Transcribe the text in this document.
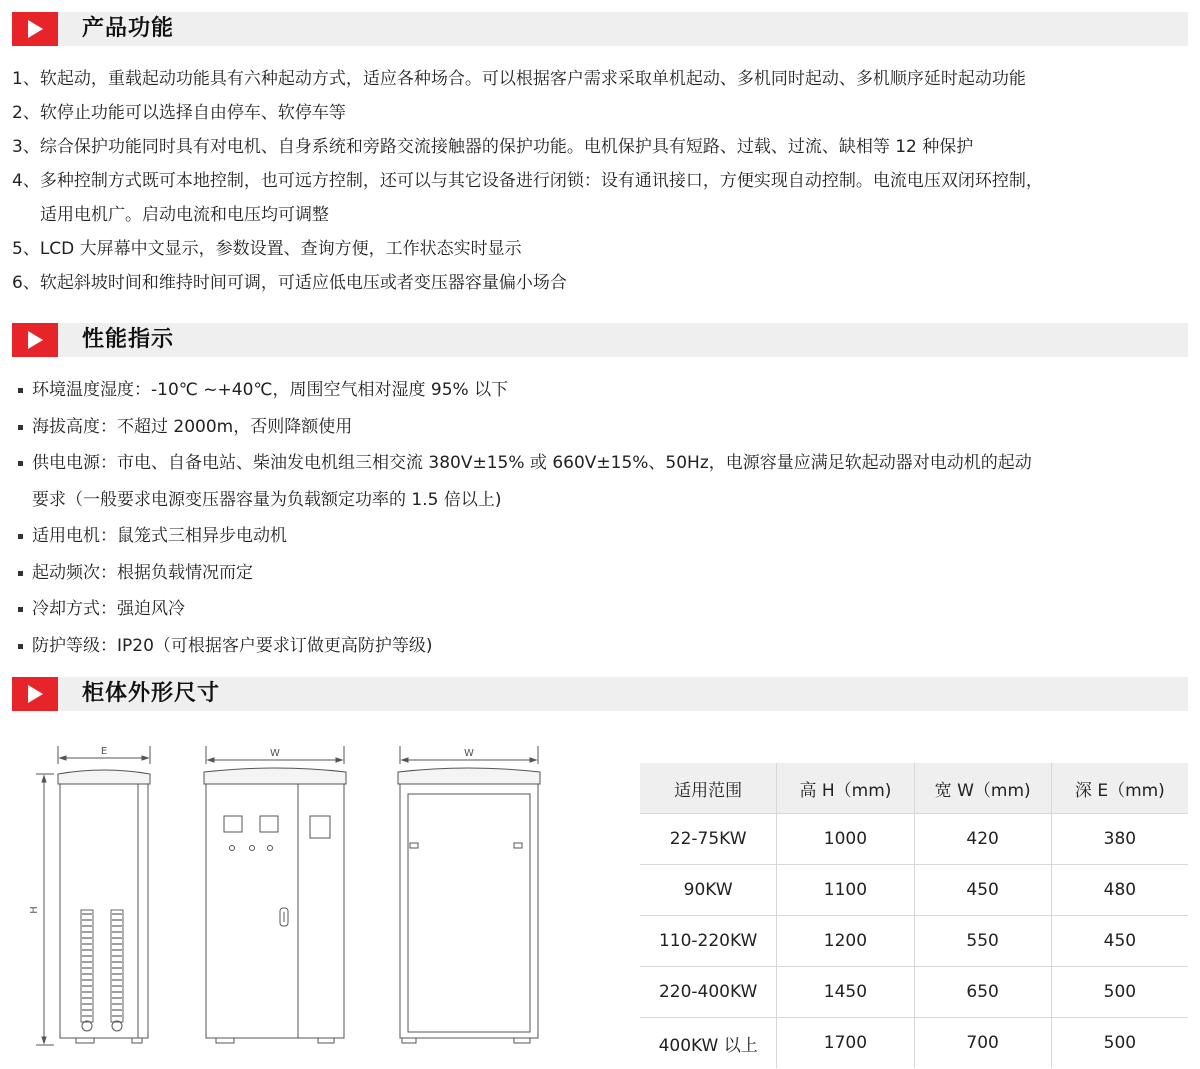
产品功能
1、软起动，重载起动功能具有六种起动方式，适应各种场合。可以根据客户需求采取单机起动、多机同时起动、多机顺序延时起动功能
2、软停止功能可以选择自由停车、软停车等
3、综合保护功能同时具有对电机、自身系统和旁路交流接触器的保护功能。电机保护具有短路、过载、过流、缺相等 12 种保护
4、多种控制方式既可本地控制，也可远方控制，还可以与其它设备进行闭锁：设有通讯接口，方便实现自动控制。电流电压双闭环控制，
适用电机广。启动电流和电压均可调整
5、LCD 大屏幕中文显示，参数设置、查询方便，工作状态实时显示
6、软起斜坡时间和维持时间可调，可适应低电压或者变压器容量偏小场合
性能指示
环境温度湿度：-10℃ ~+40℃，周围空气相对湿度 95% 以下
海拔高度：不超过 2000m，否则降额使用
供电电源：市电、自备电站、柴油发电机组三相交流 380V±15% 或 660V±15%、50Hz，电源容量应满足软起动器对电动机的起动
要求（一般要求电源变压器容量为负载额定功率的 1.5 倍以上)
适用电机：鼠笼式三相异步电动机
起动频次：根据负载情况而定
冷却方式：强迫风冷
防护等级：IP20（可根据客户要求订做更高防护等级)
柜体外形尺寸
E
H
W	W
适用范围	高 H（mm)	宽 W（mm)	深 E（mm)
22-75KW	1000	420	380
90KW	1100	450	480
110-220KW	1200	550	450
220-400KW	1450	650	500
400KW 以上	1700	700	500
